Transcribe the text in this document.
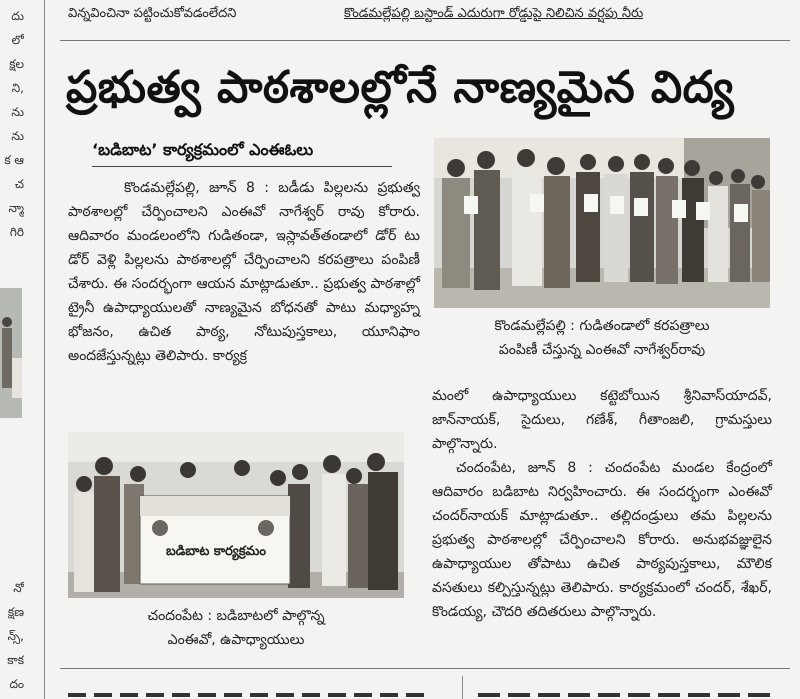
దు
లో
క్షల
ని,
ను
ను
క ఆ
చ
న్మా
గిరి
నో
క్షణ
న్స్,
కాక
దం
విన్నవించినా పట్టించుకోవడంలేదని	కొండమల్లేపల్లి బస్టాండ్ ఎదురుగా రోడ్డుపై నిలిచిన వర్షపు నీరు
ప్రభుత్వ పాఠశాలల్లోనే నాణ్యమైన విద్య
‘బడిబాట’ కార్యక్రమంలో ఎంఈఓలు

కొండమల్లేపల్లి, జూన్ 8 : బడీడు పిల్లలను ప్రభుత్వ పాఠశాలల్లో చేర్పించాలని ఎంఈవో నాగేశ్వర్ రావు కోరారు. ఆదివారం మండలంలోని గుడితండా, ఇస్లావత్‌తండాలో డోర్ టు డోర్ వెళ్లి పిల్లలను పాఠశాలల్లో చేర్పించాలని కరపత్రాలు పంపిణీ చేశారు. ఈ సందర్భంగా ఆయన మాట్లాడుతూ.. ప్రభుత్వ పాఠశాల్లో ట్రైనీ ఉపాధ్యాయులతో నాణ్యమైన బోధనతో పాటు మధ్యాహ్న భోజనం, ఉచిత పాఠ్య, నోటుపుస్తకాలు, యూనిఫాం అందజేస్తున్నట్లు తెలిపారు. కార్యక్ర

కొండమల్లేపల్లి : గుడితండాలో కరపత్రాలు
పంపిణీ చేస్తున్న ఎంఈవో నాగేశ్వర్‌రావు

మంలో ఉపాధ్యాయులు కట్టెబోయిన శ్రీనివాస్‌యాదవ్, జాన్‌నాయక్, సైదులు, గణేశ్, గీతాంజలి, గ్రామస్తులు పాల్గొన్నారు.

చందంపేట, జూన్ 8 : చందంపేట మండల కేంద్రంలో ఆదివారం బడిబాట నిర్వహించారు. ఈ సందర్భంగా ఎంఈవో చందర్‌నాయక్ మాట్లాడుతూ.. తల్లిదండ్రులు తమ పిల్లలను ప్రభుత్వ పాఠశాలల్లో చేర్పించాలని కోరారు. అనుభవజ్ఞులైన ఉపాధ్యాయుల తోపాటు ఉచిత పాఠ్యపుస్తకాలు, మౌలిక వసతులు కల్పిస్తున్నట్లు తెలిపారు. కార్యక్రమంలో చందర్, శేఖర్, కొండయ్య, చౌదరి తదితరులు పాల్గొన్నారు.

బడిబాట కార్యక్రమం
చందంపేట : బడిబాటలో పాల్గొన్న
ఎంఈవో, ఉపాధ్యాయులు
